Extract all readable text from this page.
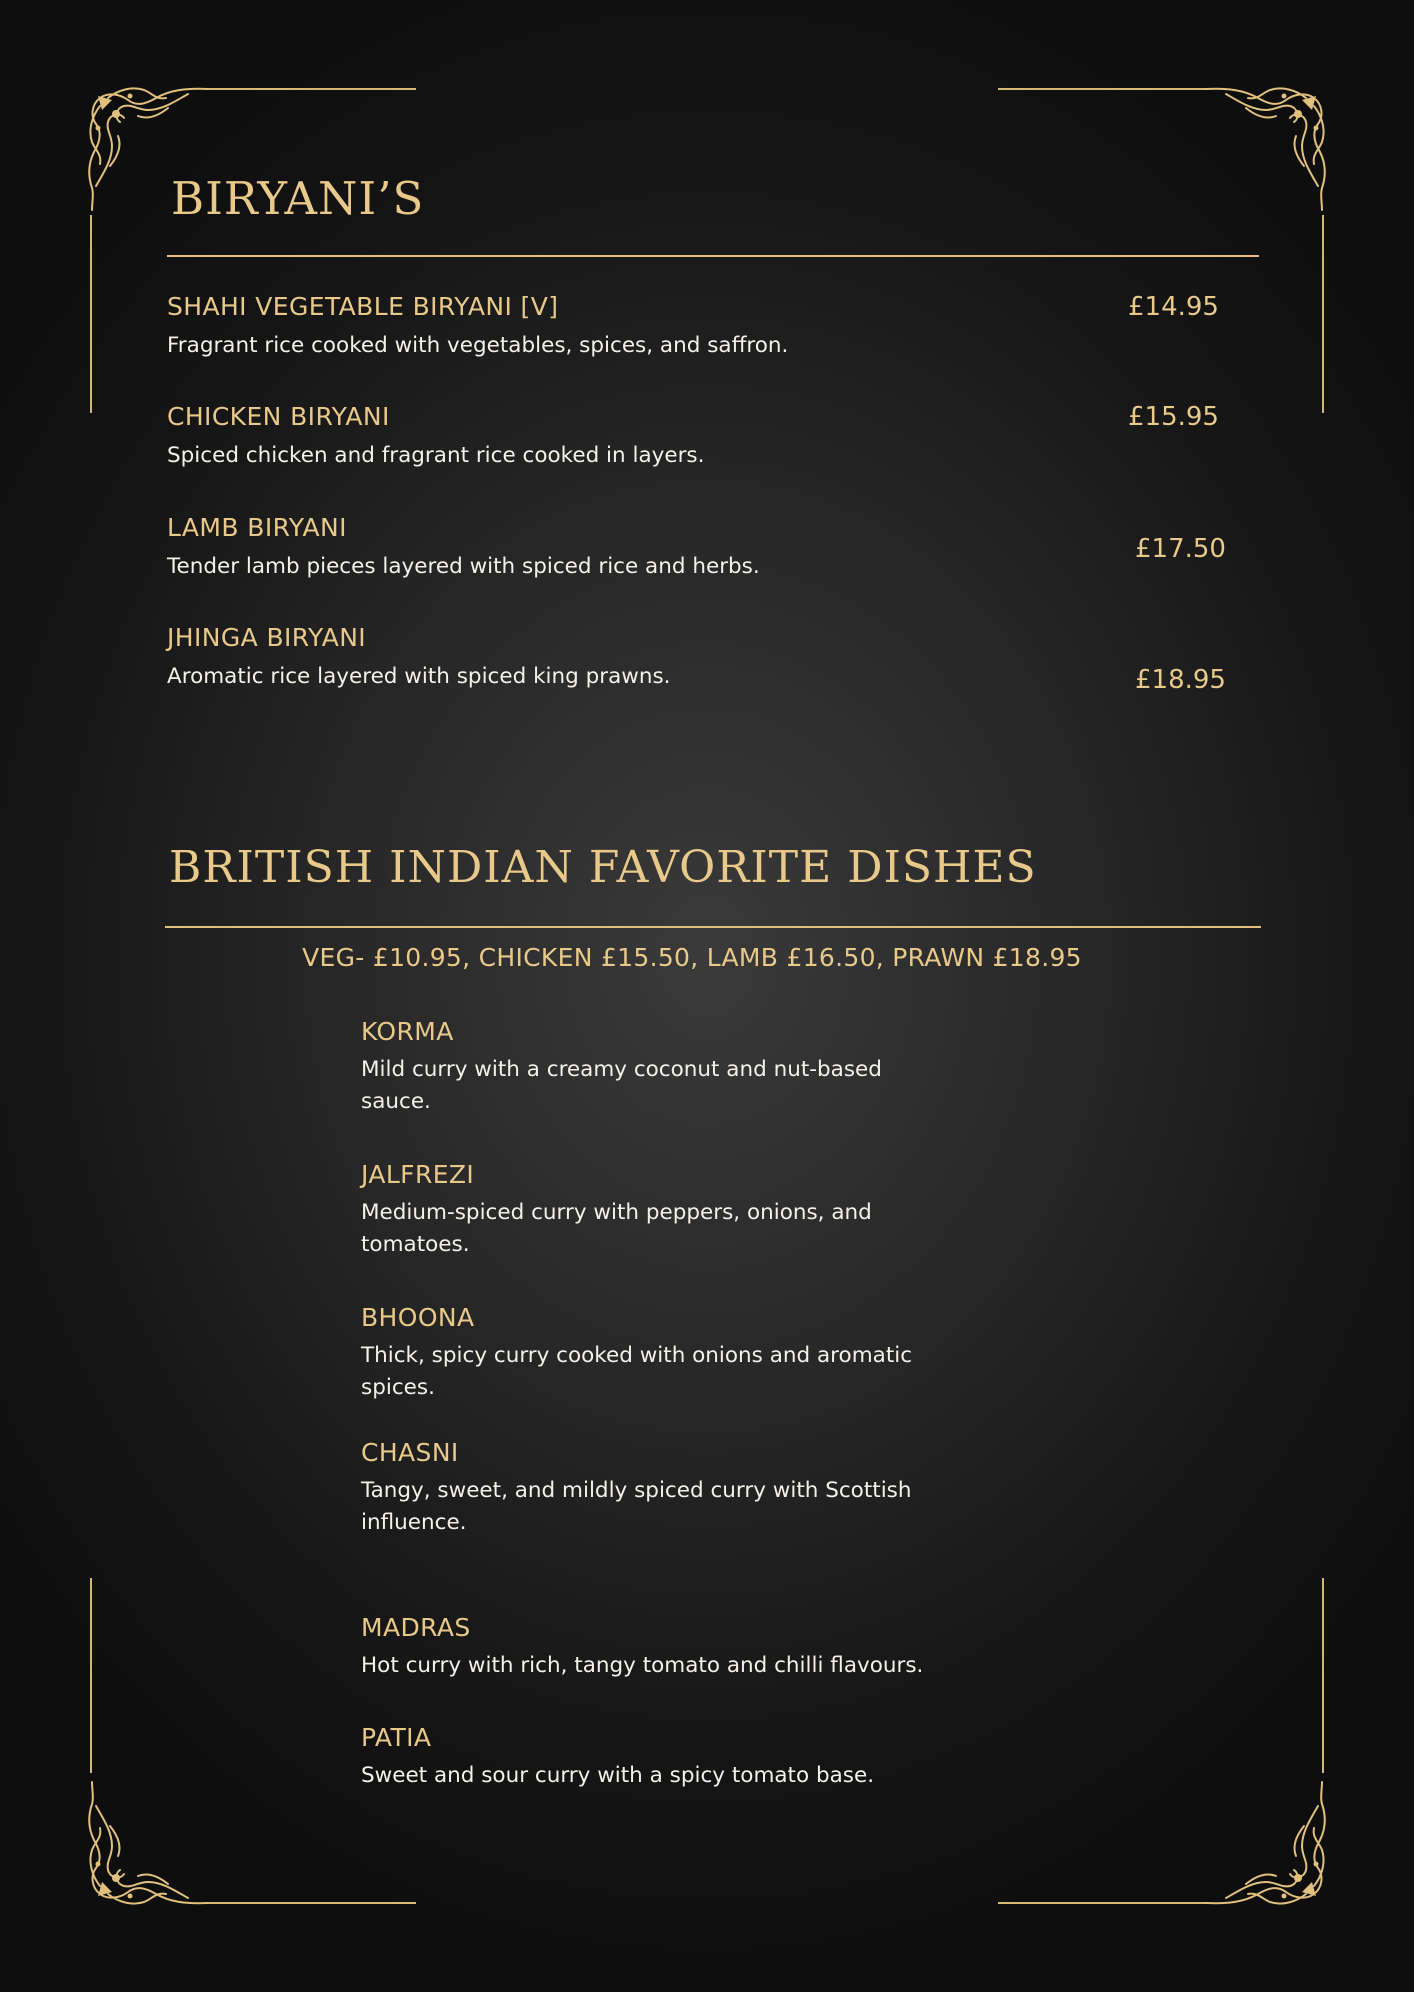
BIRYANI’S
SHAHI VEGETABLE BIRYANI [V]
Fragrant rice cooked with vegetables, spices, and saffron.
£14.95
CHICKEN BIRYANI
Spiced chicken and fragrant rice cooked in layers.
£15.95
LAMB BIRYANI
Tender lamb pieces layered with spiced rice and herbs.
£17.50
JHINGA BIRYANI
Aromatic rice layered with spiced king prawns.	£18.95
BRITISH INDIAN FAVORITE DISHES
VEG- £10.95, CHICKEN £15.50, LAMB £16.50, PRAWN £18.95
KORMA
Mild curry with a creamy coconut and nut-based sauce.
JALFREZI
Medium-spiced curry with peppers, onions, and tomatoes.
BHOONA
Thick, spicy curry cooked with onions and aromatic spices.
CHASNI
Tangy, sweet, and mildly spiced curry with Scottish influence.
MADRAS
Hot curry with rich, tangy tomato and chilli flavours.
PATIA
Sweet and sour curry with a spicy tomato base.
